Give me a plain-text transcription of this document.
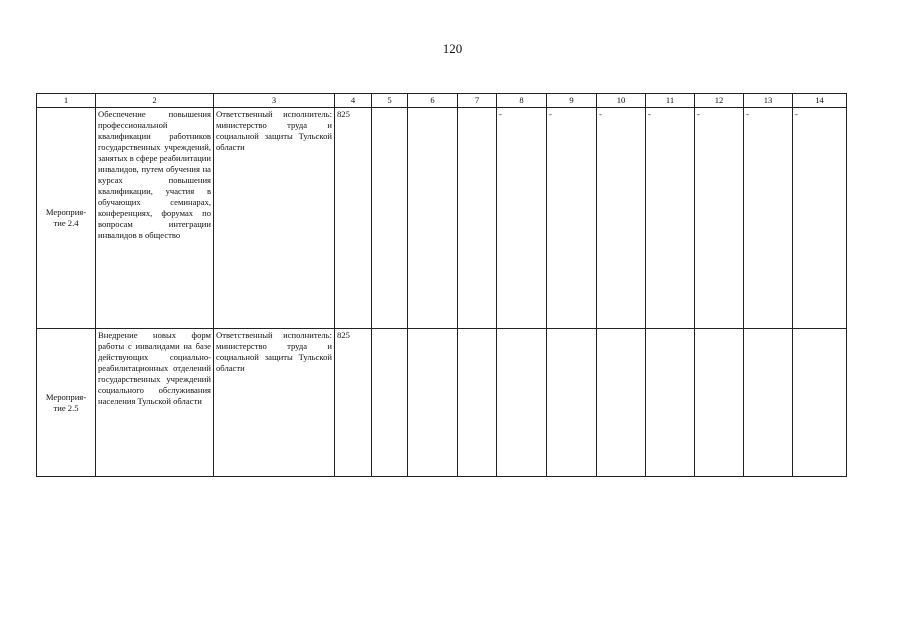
120
1	2	3	4	5	6	7	8	9	10	11	12	13	14

Мероприя-
тие 2.4	Обеспечение повышения профессиональной квалификации работников государственных учреждений, занятых в сфере реабилитации инвалидов, путем обучения на курсах повышения квалификации, участия в обучающих семинарах, конференциях, форумах по вопросам интеграции инвалидов в общество	Ответственный исполнитель: министерство труда и социальной защиты Тульской области	825				-	-	-	-	-	-	-

Мероприя-
тие 2.5	Внедрение новых форм работы с инвалидами на базе действующих социально-реабилитационных отделений государственных учреждений социального обслуживания населения Тульской области	Ответственный исполнитель: министерство труда и социальной защиты Тульской области	825										
